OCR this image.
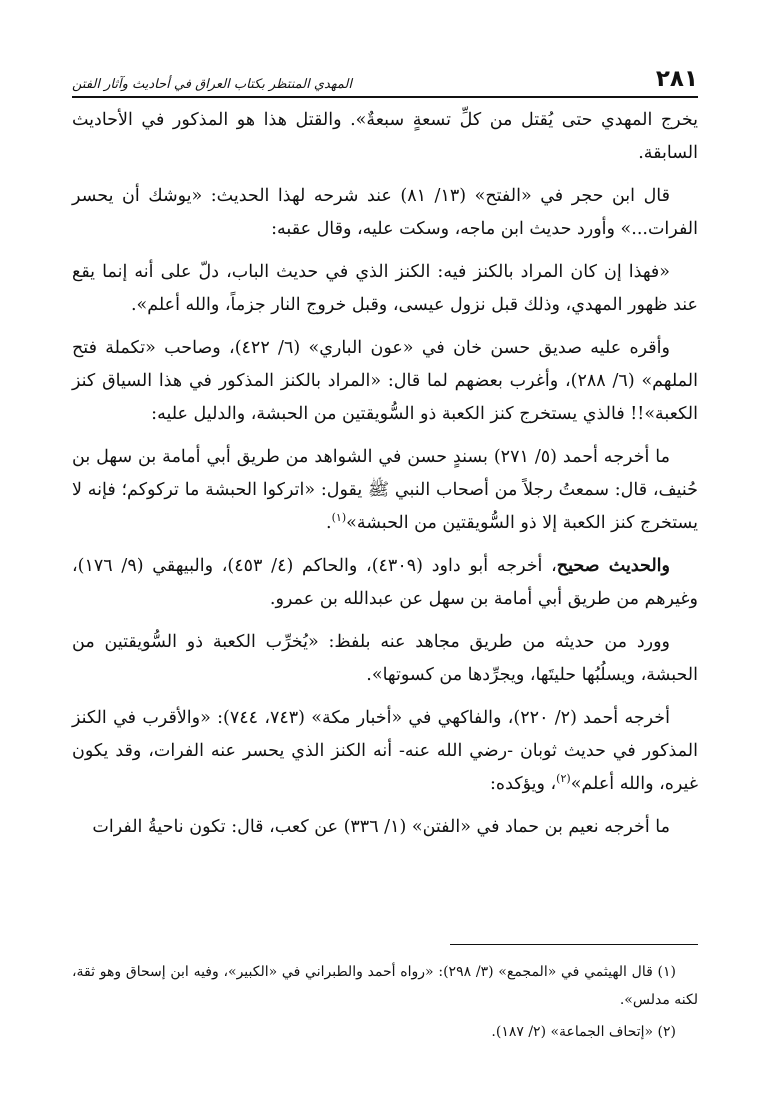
٢٨١
المهدي المنتظر بكتاب العراق في أحاديث وآثار الفتن

يخرج المهدي حتى يُقتل من كلِّ تسعةٍ سبعةٌ». والقتل هذا هو المذكور في الأحاديث السابقة.

قال ابن حجر في «الفتح» (١٣/ ٨١) عند شرحه لهذا الحديث: «يوشك أن يحسر الفرات...» وأورد حديث ابن ماجه، وسكت عليه، وقال عقبه:

«فهذا إن كان المراد بالكنز فيه: الكنز الذي في حديث الباب، دلّ على أنه إنما يقع عند ظهور المهدي، وذلك قبل نزول عيسى، وقبل خروج النار جزماً، والله أعلم».

وأقره عليه صديق حسن خان في «عون الباري» (٦/ ٤٢٢)، وصاحب «تكملة فتح الملهم» (٦/ ٢٨٨)، وأغرب بعضهم لما قال: «المراد بالكنز المذكور في هذا السياق كنز الكعبة»!! فالذي يستخرج كنز الكعبة ذو السُّويقتين من الحبشة، والدليل عليه:

ما أخرجه أحمد (٥/ ٢٧١) بسندٍ حسن في الشواهد من طريق أبي أمامة بن سهل بن حُنيف، قال: سمعتُ رجلاً من أصحاب النبي ﷺ يقول: «اتركوا الحبشة ما تركوكم؛ فإنه لا يستخرج كنز الكعبة إلا ذو السُّويقتين من الحبشة»$^{(١)}$.

والحديث صحيح، أخرجه أبو داود (٤٣٠٩)، والحاكم (٤/ ٤٥٣)، والبيهقي (٩/ ١٧٦)، وغيرهم من طريق أبي أمامة بن سهل عن عبدالله بن عمرو.

وورد من حديثه من طريق مجاهد عنه بلفظ: «يُخرِّب الكعبة ذو السُّويقتين من الحبشة، ويسلُبُها حليتَها، ويجرِّدها من كسوتها».

أخرجه أحمد (٢/ ٢٢٠)، والفاكهي في «أخبار مكة» (٧٤٣، ٧٤٤): «والأقرب في الكنز المذكور في حديث ثوبان -رضي الله عنه- أنه الكنز الذي يحسر عنه الفرات، وقد يكون غيره، والله أعلم»$^{(٢)}$، ويؤكده:

ما أخرجه نعيم بن حماد في «الفتن» (١/ ٣٣٦) عن كعب، قال: تكون ناحيةُ الفرات

(١) قال الهيثمي في «المجمع» (٣/ ٢٩٨): «رواه أحمد والطبراني في «الكبير»، وفيه ابن إسحاق وهو ثقة، لكنه مدلس».

(٢) «إتحاف الجماعة» (٢/ ١٨٧).
